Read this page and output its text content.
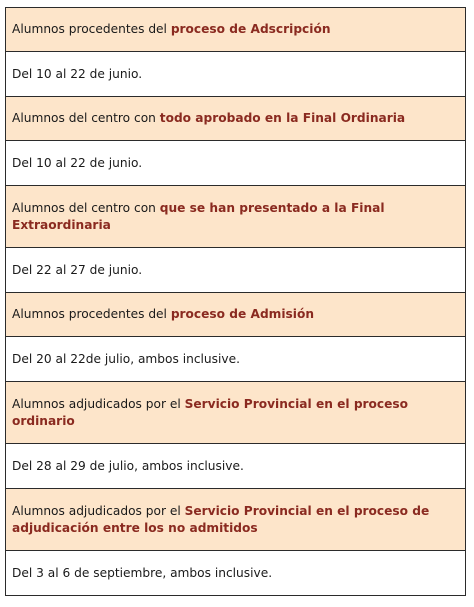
Alumnos procedentes del proceso de Adscripción
Del 10 al 22 de junio.
Alumnos del centro con todo aprobado en la Final Ordinaria
Del 10 al 22 de junio.
Alumnos del centro con que se han presentado a la Final Extraordinaria
Del 22 al 27 de junio.
Alumnos procedentes del proceso de Admisión
Del 20 al 22de julio, ambos inclusive.
Alumnos adjudicados por el Servicio Provincial en el proceso ordinario
Del 28 al 29 de julio, ambos inclusive.
Alumnos adjudicados por el Servicio Provincial en el proceso de adjudicación entre los no admitidos
Del 3 al 6 de septiembre, ambos inclusive.
